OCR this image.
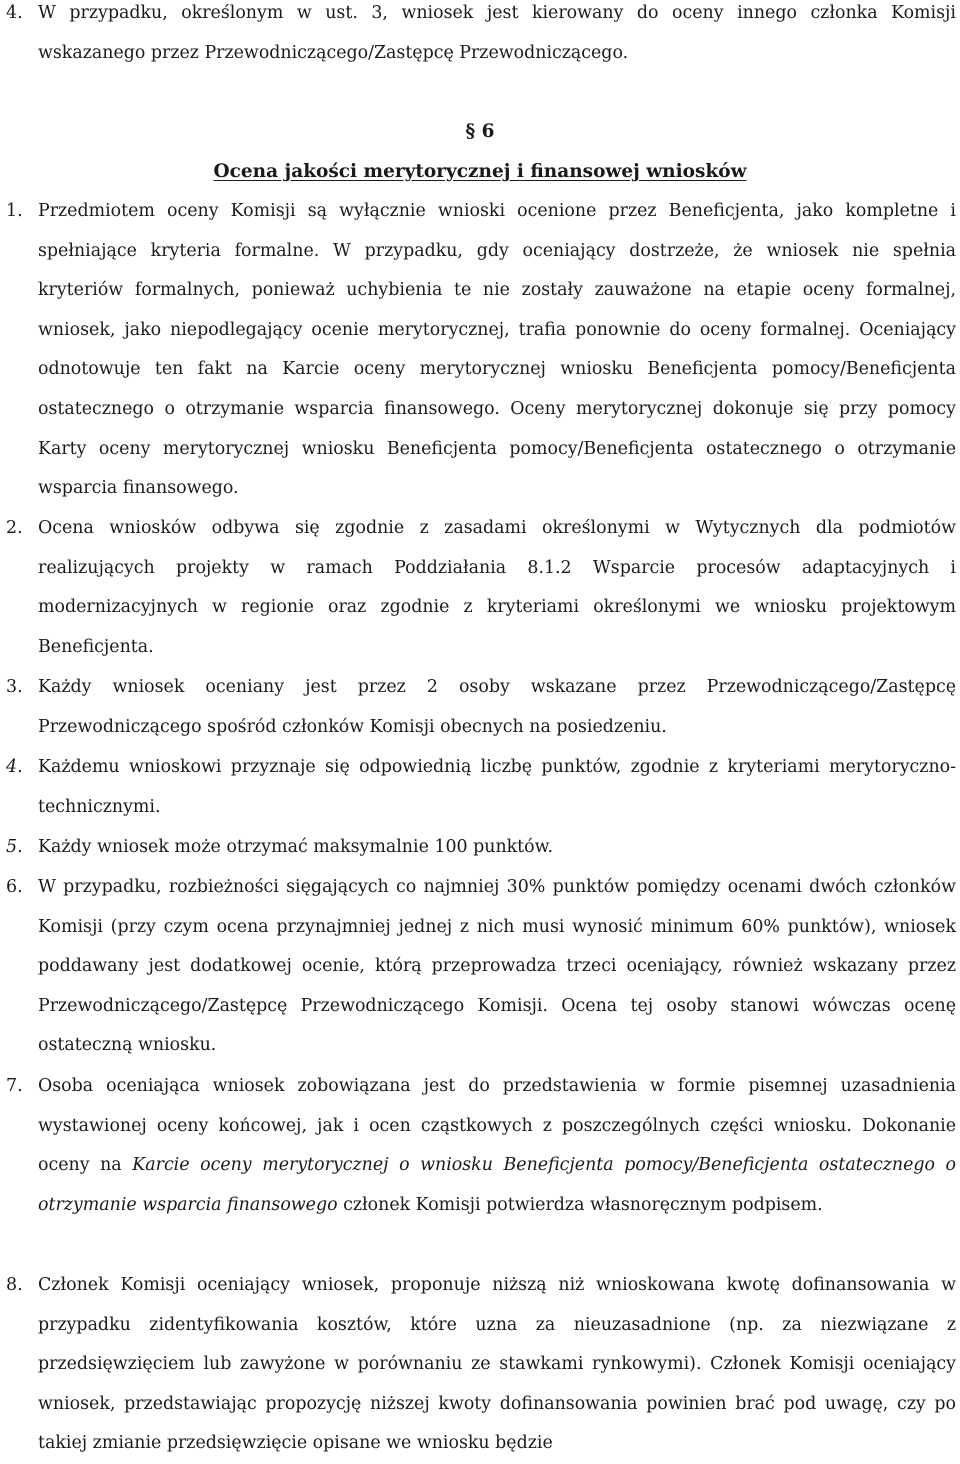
4. W przypadku, określonym w ust. 3, wniosek jest kierowany do oceny innego członka Komisji wskazanego przez Przewodniczącego/Zastępcę Przewodniczącego.
§ 6
Ocena jakości merytorycznej i finansowej wniosków
1. Przedmiotem oceny Komisji są wyłącznie wnioski ocenione przez Beneficjenta, jako kompletne i spełniające kryteria formalne. W przypadku, gdy oceniający dostrzeże, że wniosek nie spełnia kryteriów formalnych, ponieważ uchybienia te nie zostały zauważone na etapie oceny formalnej, wniosek, jako niepodlegający ocenie merytorycznej, trafia ponownie do oceny formalnej. Oceniający odnotowuje ten fakt na Karcie oceny merytorycznej wniosku Beneficjenta pomocy/Beneficjenta ostatecznego o otrzymanie wsparcia finansowego. Oceny merytorycznej dokonuje się przy pomocy Karty oceny merytorycznej wniosku Beneficjenta pomocy/Beneficjenta ostatecznego o otrzymanie wsparcia finansowego.
2. Ocena wniosków odbywa się zgodnie z zasadami określonymi w Wytycznych dla podmiotów realizujących projekty w ramach Poddziałania 8.1.2 Wsparcie procesów adaptacyjnych i modernizacyjnych w regionie oraz zgodnie z kryteriami określonymi we wniosku projektowym Beneficjenta.
3. Każdy wniosek oceniany jest przez 2 osoby wskazane przez Przewodniczącego/Zastępcę Przewodniczącego spośród członków Komisji obecnych na posiedzeniu.
4. Każdemu wnioskowi przyznaje się odpowiednią liczbę punktów, zgodnie z kryteriami merytoryczno-technicznymi.
5. Każdy wniosek może otrzymać maksymalnie 100 punktów.
6. W przypadku, rozbieżności sięgających co najmniej 30% punktów pomiędzy ocenami dwóch członków Komisji (przy czym ocena przynajmniej jednej z nich musi wynosić minimum 60% punktów), wniosek poddawany jest dodatkowej ocenie, którą przeprowadza trzeci oceniający, również wskazany przez Przewodniczącego/Zastępcę Przewodniczącego Komisji. Ocena tej osoby stanowi wówczas ocenę ostateczną wniosku.
7. Osoba oceniająca wniosek zobowiązana jest do przedstawienia w formie pisemnej uzasadnienia wystawionej oceny końcowej, jak i ocen cząstkowych z poszczególnych części wniosku. Dokonanie oceny na Karcie oceny merytorycznej o wniosku Beneficjenta pomocy/Beneficjenta ostatecznego o otrzymanie wsparcia finansowego członek Komisji potwierdza własnoręcznym podpisem.
8. Członek Komisji oceniający wniosek, proponuje niższą niż wnioskowana kwotę dofinansowania w przypadku zidentyfikowania kosztów, które uzna za nieuzasadnione (np. za niezwiązane z przedsięwzięciem lub zawyżone w porównaniu ze stawkami rynkowymi). Członek Komisji oceniający wniosek, przedstawiając propozycję niższej kwoty dofinansowania powinien brać pod uwagę, czy po takiej zmianie przedsięwzięcie opisane we wniosku będzie
